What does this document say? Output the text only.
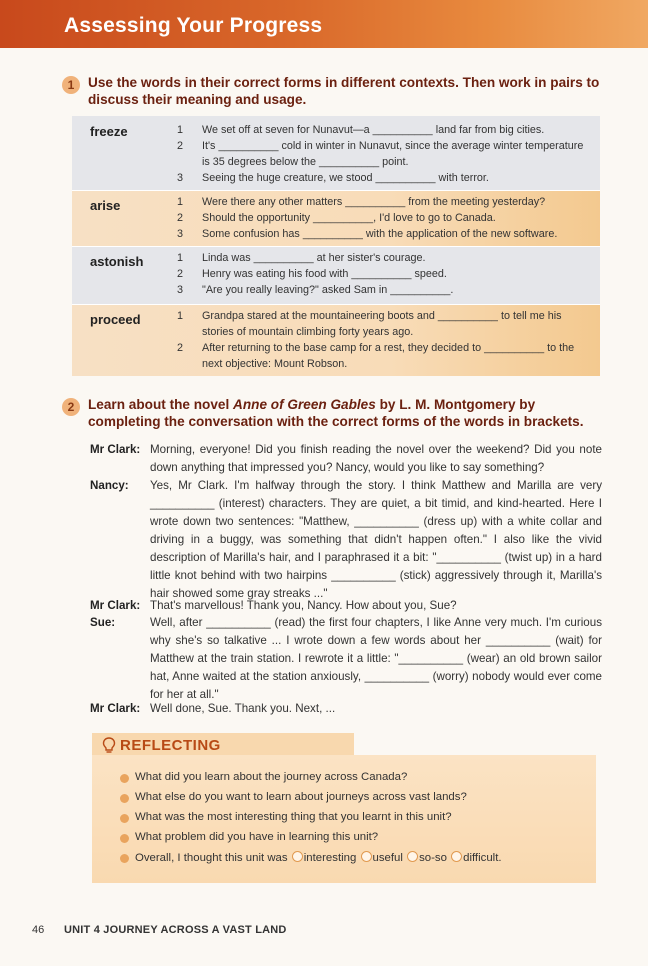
Assessing Your Progress
1	Use the words in their correct forms in different contexts. Then work in pairs to discuss their meaning and usage.
freeze	1 We set off at seven for Nunavut—a __________ land far from big cities.
2 It's __________ cold in winter in Nunavut, since the average winter temperature is 35 degrees below the __________ point.
3 Seeing the huge creature, we stood __________ with terror.
arise	1 Were there any other matters __________ from the meeting yesterday?
2 Should the opportunity __________, I'd love to go to Canada.
3 Some confusion has __________ with the application of the new software.
astonish	1 Linda was __________ at her sister's courage.
2 Henry was eating his food with __________ speed.
3 "Are you really leaving?" asked Sam in __________.
proceed	1 Grandpa stared at the mountaineering boots and __________ to tell me his stories of mountain climbing forty years ago.
2 After returning to the base camp for a rest, they decided to __________ to the next objective: Mount Robson.
2	Learn about the novel Anne of Green Gables by L. M. Montgomery by completing the conversation with the correct forms of the words in brackets.
Mr Clark: Morning, everyone! Did you finish reading the novel over the weekend? Did you note down anything that impressed you? Nancy, would you like to say something?
Nancy: Yes, Mr Clark. I'm halfway through the story. I think Matthew and Marilla are very __________ (interest) characters. They are quiet, a bit timid, and kind-hearted. Here I wrote down two sentences: "Matthew, __________ (dress up) with a white collar and driving in a buggy, was something that didn't happen often." I also like the vivid description of Marilla's hair, and I paraphrased it a bit: "__________ (twist up) in a hard little knot behind with two hairpins __________ (stick) aggressively through it, Marilla's hair showed some gray streaks ..."
Mr Clark: That's marvellous! Thank you, Nancy. How about you, Sue?
Sue:	Well, after __________ (read) the first four chapters, I like Anne very much. I'm curious why she's so talkative ... I wrote down a few words about her __________ (wait) for Matthew at the train station. I rewrote it a little: "__________ (wear) an old brown sailor hat, Anne waited at the station anxiously, __________ (worry) nobody would ever come for her at all."
Mr Clark: Well done, Sue. Thank you. Next, ...
REFLECTING
What did you learn about the journey across Canada?
What else do you want to learn about journeys across vast lands?
What was the most interesting thing that you learnt in this unit?
What problem did you have in learning this unit?
Overall, I thought this unit was interesting useful so-so difficult.
46 UNIT 4 JOURNEY ACROSS A VAST LAND
